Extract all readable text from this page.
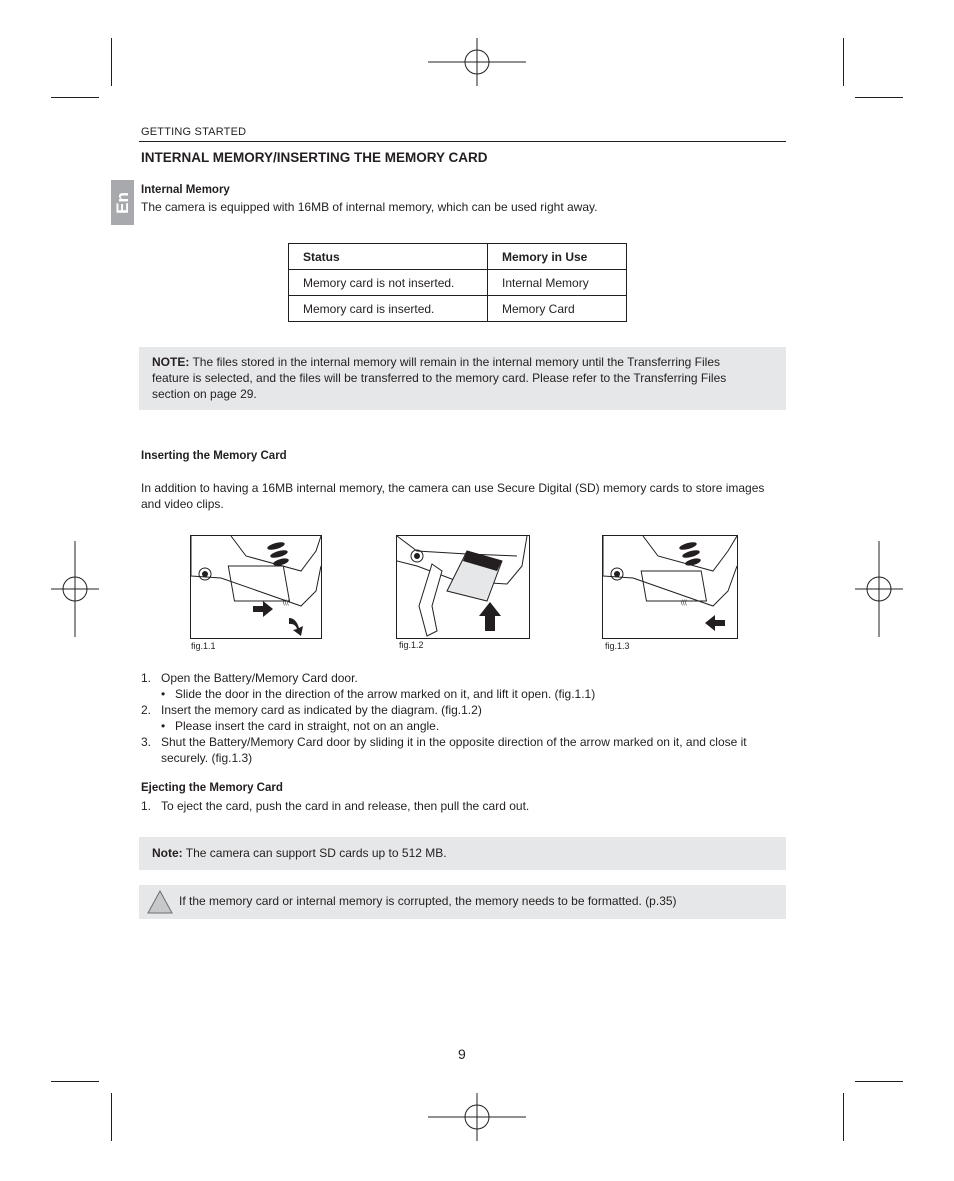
GETTING STARTED
INTERNAL MEMORY/INSERTING THE MEMORY CARD
En
Internal Memory
The camera is equipped with 16MB of internal memory, which can be used right away.
Status	Memory in Use
Memory card is not inserted.	Internal Memory
Memory card is inserted.	Memory Card
NOTE: The files stored in the internal memory will remain in the internal memory until the Transferring Files feature is selected, and the files will be transferred to the memory card. Please refer to the Transferring Files section on page 29.
Inserting the Memory Card
In addition to having a 16MB internal memory, the camera can use Secure Digital (SD) memory cards to store images and video clips.
(((
fig.1.1	fig.1.2
(((
fig.1.3
1. Open the Battery/Memory Card door.
• Slide the door in the direction of the arrow marked on it, and lift it open. (fig.1.1)
2. Insert the memory card as indicated by the diagram. (fig.1.2)
• Please insert the card in straight, not on an angle.
3. Shut the Battery/Memory Card door by sliding it in the opposite direction of the arrow marked on it, and close it securely. (fig.1.3)
Ejecting the Memory Card
1. To eject the card, push the card in and release, then pull the card out.
Note: The camera can support SD cards up to 512 MB.
If the memory card or internal memory is corrupted, the memory needs to be formatted. (p.35)
9
